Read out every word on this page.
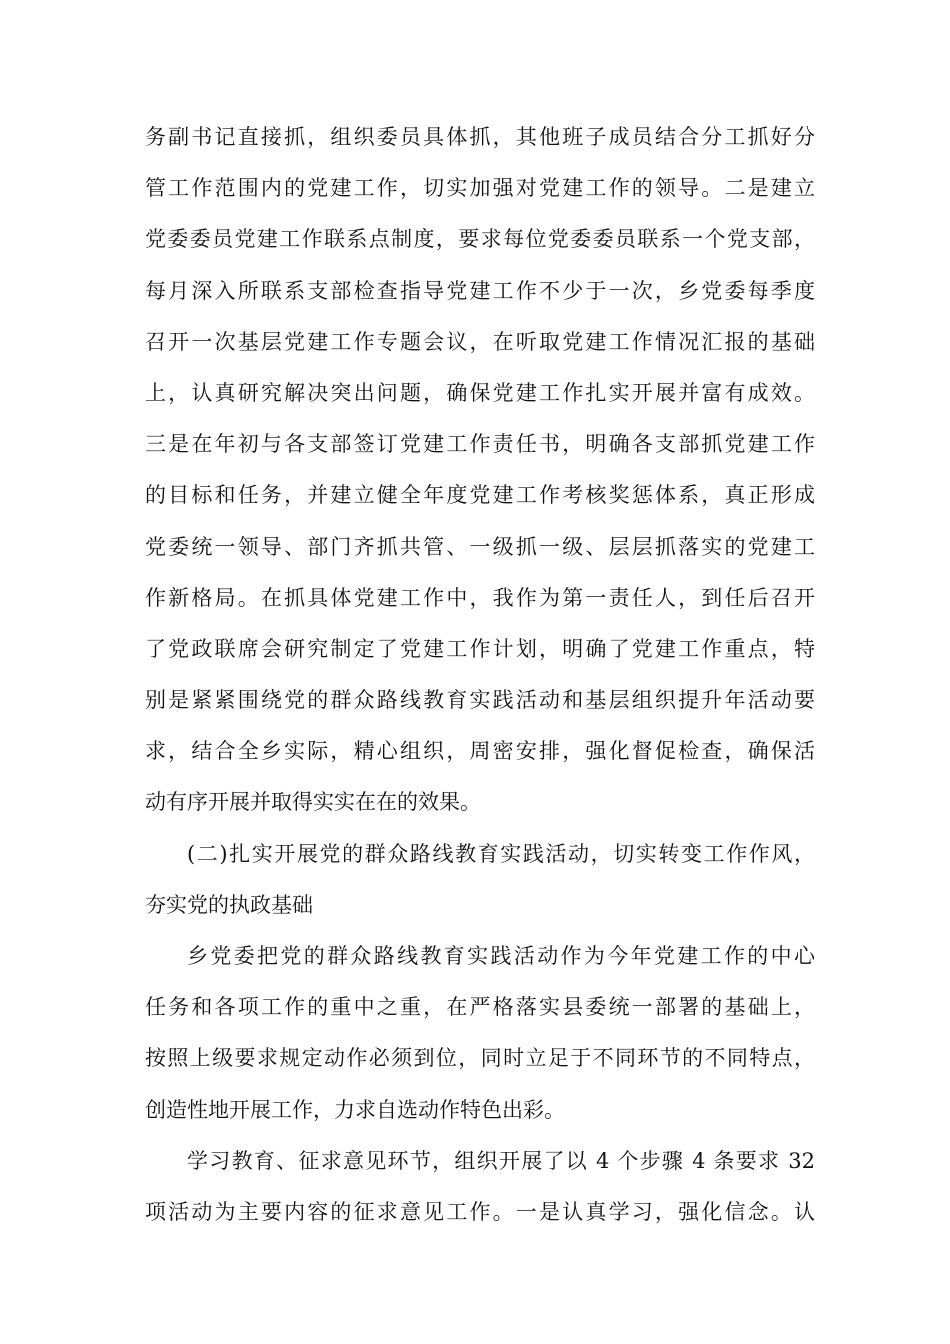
务副书记直接抓，组织委员具体抓，其他班子成员结合分工抓好分
管工作范围内的党建工作，切实加强对党建工作的领导。二是建立
党委委员党建工作联系点制度，要求每位党委委员联系一个党支部，
每月深入所联系支部检查指导党建工作不少于一次，乡党委每季度
召开一次基层党建工作专题会议，在听取党建工作情况汇报的基础
上，认真研究解决突出问题，确保党建工作扎实开展并富有成效。
三是在年初与各支部签订党建工作责任书，明确各支部抓党建工作
的目标和任务，并建立健全年度党建工作考核奖惩体系，真正形成
党委统一领导、部门齐抓共管、一级抓一级、层层抓落实的党建工
作新格局。在抓具体党建工作中，我作为第一责任人，到任后召开
了党政联席会研究制定了党建工作计划，明确了党建工作重点，特
别是紧紧围绕党的群众路线教育实践活动和基层组织提升年活动要
求，结合全乡实际，精心组织，周密安排，强化督促检查，确保活
动有序开展并取得实实在在的效果。
(二)扎实开展党的群众路线教育实践活动，切实转变工作作风，
夯实党的执政基础
乡党委把党的群众路线教育实践活动作为今年党建工作的中心
任务和各项工作的重中之重，在严格落实县委统一部署的基础上，
按照上级要求规定动作必须到位，同时立足于不同环节的不同特点，
创造性地开展工作，力求自选动作特色出彩。
学习教育、征求意见环节，组织开展了以 4 个步骤 4 条要求 32
项活动为主要内容的征求意见工作。一是认真学习，强化信念。认
